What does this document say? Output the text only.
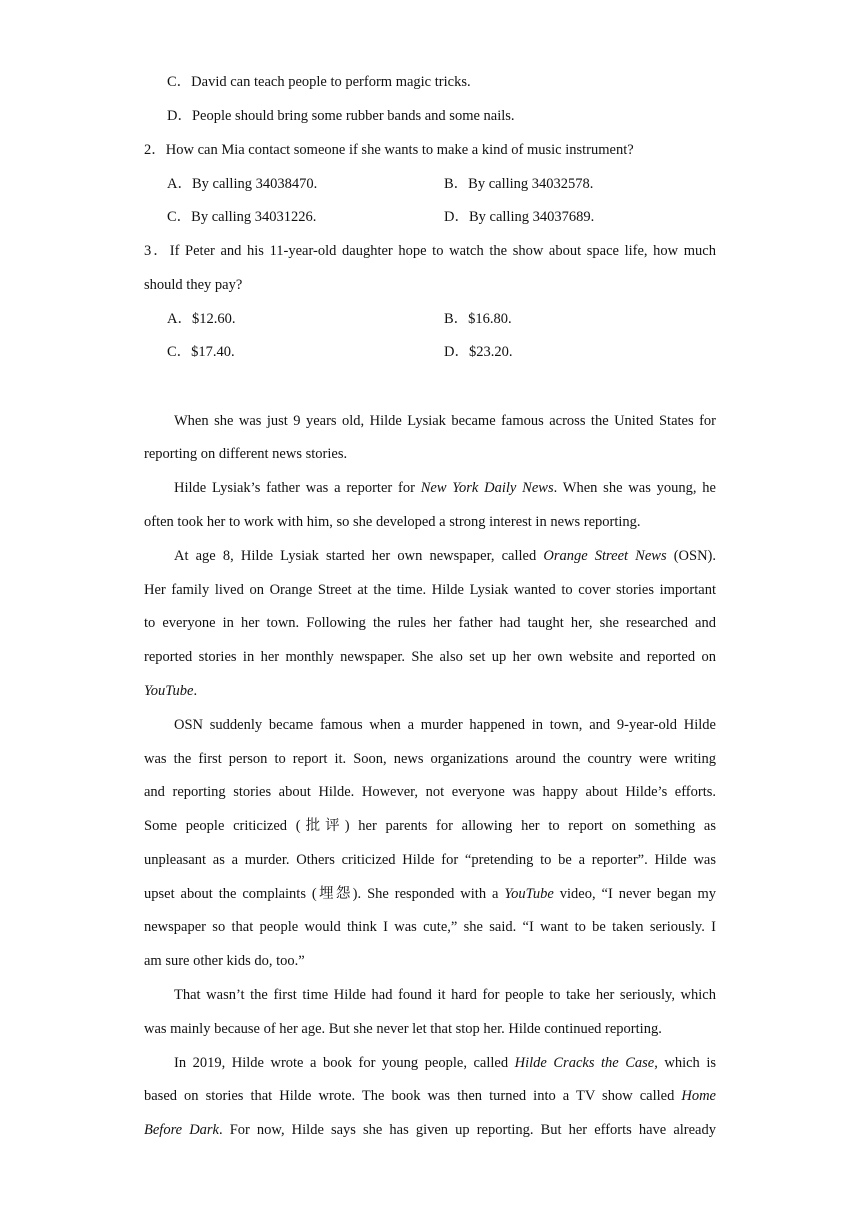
C．David can teach people to perform magic tricks.
D．People should bring some rubber bands and some nails.
2．How can Mia contact someone if she wants to make a kind of music instrument?
A．By calling 34038470.	B．By calling 34032578.
C．By calling 34031226.	D．By calling 34037689.
3．If Peter and his 11-year-old daughter hope to watch the show about space life, how much
should they pay?
A．$12.60.	B．$16.80.
C．$17.40.	D．$23.20.
When she was just 9 years old, Hilde Lysiak became famous across the United States for
reporting on different news stories.
Hilde Lysiak’s father was a reporter for New York Daily News. When she was young, he
often took her to work with him, so she developed a strong interest in news reporting.
At age 8, Hilde Lysiak started her own newspaper, called Orange Street News (OSN).
Her family lived on Orange Street at the time. Hilde Lysiak wanted to cover stories important
to everyone in her town. Following the rules her father had taught her, she researched and
reported stories in her monthly newspaper. She also set up her own website and reported on
YouTube.
OSN suddenly became famous when a murder happened in town, and 9-year-old Hilde
was the first person to report it. Soon, news organizations around the country were writing
and reporting stories about Hilde. However, not everyone was happy about Hilde’s efforts.
Some people criticized (批评) her parents for allowing her to report on something as
unpleasant as a murder. Others criticized Hilde for “pretending to be a reporter”. Hilde was
upset about the complaints (埋怨). She responded with a YouTube video, “I never began my
newspaper so that people would think I was cute,” she said. “I want to be taken seriously. I
am sure other kids do, too.”
That wasn’t the first time Hilde had found it hard for people to take her seriously, which
was mainly because of her age. But she never let that stop her. Hilde continued reporting.
In 2019, Hilde wrote a book for young people, called Hilde Cracks the Case, which is
based on stories that Hilde wrote. The book was then turned into a TV show called Home
Before Dark. For now, Hilde says she has given up reporting. But her efforts have already
